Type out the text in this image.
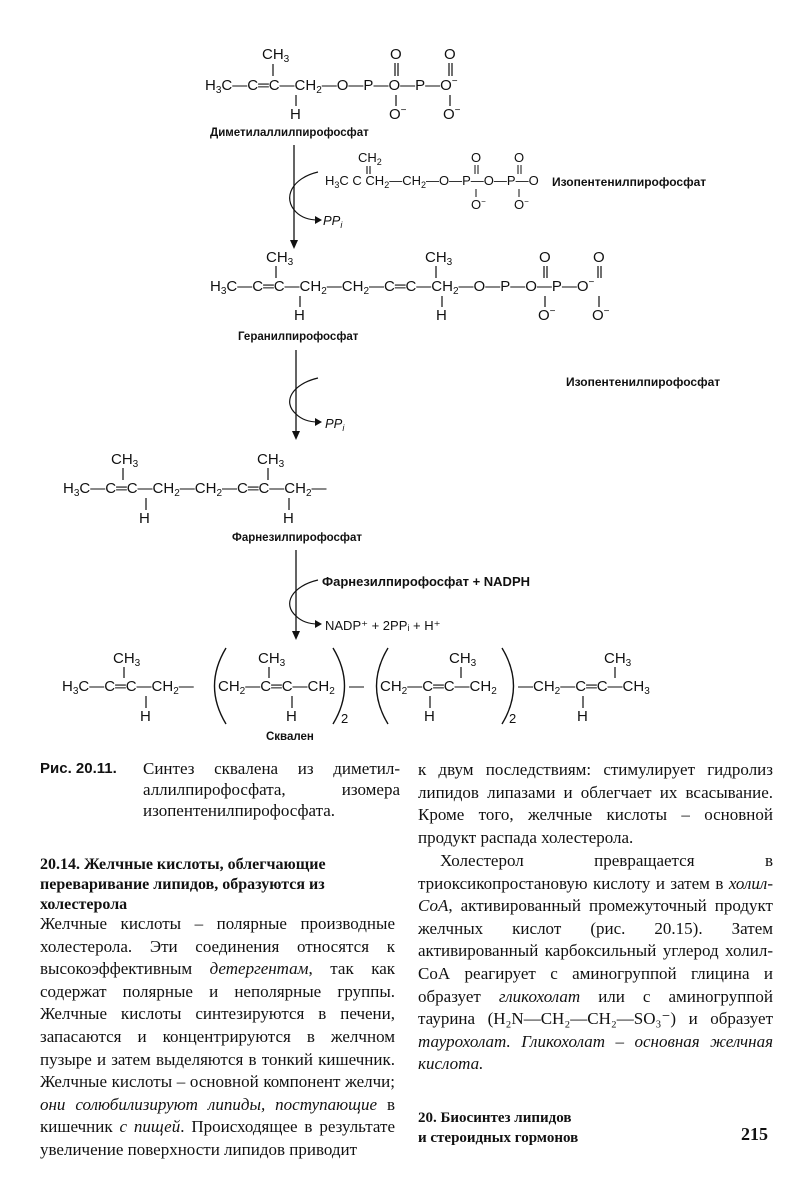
$CH_3$
$H_3C—C═C—CH_2—O—P—O—P—O^-$
O	O
H	O− O−
Диметилаллилпирофосфат
$PP_i$
$CH_2$
$H_3C$ C $CH_2—CH_2—O—P—O—P—O$
O	O
O− O−
Изопентенилпирофосфат
$CH_3$	$CH_3$
$H_3C—C═C—CH_2—CH_2—C═C—CH_2—O—P—O—P—O^-$
O	O
H	H	O− O−
Геранилпирофосфат
$PP_i$
Изопентенилпирофосфат
$CH_3$	$CH_3$
$H_3C—C═C—CH_2—CH_2—C═C—CH_2—$
H	H
Фарнезилпирофосфат
Фарнезилпирофосфат + NADPH
NADP⁺ + 2PPᵢ + H⁺
$CH_3$
$H_3C—C═C—CH_2—$
H
$CH_3$
$CH_2—C═C—CH_2$
H	2
—
$CH_3$
$CH_2—C═C—CH_2$
H	2
$CH_3$
$—CH_2—C═C—CH_3$
H
Сквален
Рис. 20.11. Синтез сквалена из диметилаллилпирофосфата, изомера изопентенилпирофосфата.
20.14. Желчные кислоты, облегчающие переваривание липидов, образуются из холестерола
Желчные кислоты – полярные производные холестерола. Эти соединения относятся к высокоэффективным детергентам, так как содержат полярные и неполярные группы. Желчные кислоты синтезируются в печени, запасаются и концентрируются в желчном пузыре и затем выделяются в тонкий кишечник. Желчные кислоты – основной компонент желчи; они солюбилизируют липиды, поступающие в кишечник с пищей. Происходящее в результате увеличение поверхности липидов приводит
к двум последствиям: стимулирует гидролиз липидов липазами и облегчает их всасывание. Кроме того, желчные кислоты – основной продукт распада холестерола.
Холестерол превращается в триоксикопростановую кислоту и затем в холил-СоА, активированный промежуточный продукт желчных кислот (рис. 20.15). Затем активированный карбоксильный углерод холил-СоА реагирует с аминогруппой глицина и образует гликохолат или с аминогруппой таурина (H₂N—CH₂—CH₂—SO₃⁻) и образует таурохолат. Гликохолат – основная желчная кислота.
20. Биосинтез липидов
и стероидных гормонов	215
